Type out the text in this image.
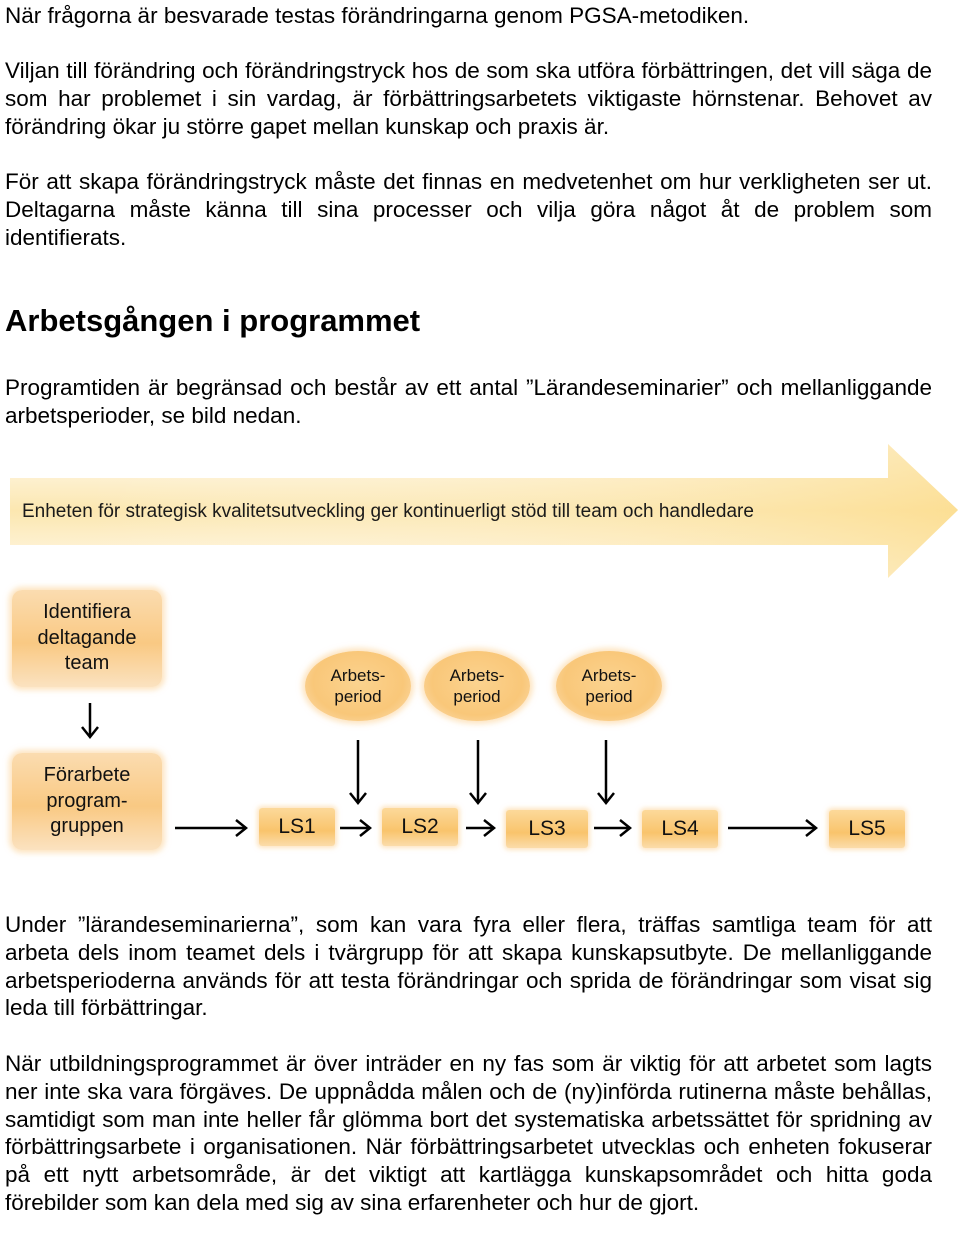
När frågorna är besvarade testas förändringarna genom PGSA-metodiken.

Viljan till förändring och förändringstryck hos de som ska utföra förbättringen, det vill säga de som har problemet i sin vardag, är förbättringsarbetets viktigaste hörnstenar. Behovet av förändring ökar ju större gapet mellan kunskap och praxis är.

För att skapa förändringstryck måste det finnas en medvetenhet om hur verkligheten ser ut. Deltagarna måste känna till sina processer och vilja göra något åt de problem som identifierats.

Arbetsgången i programmet

Programtiden är begränsad och består av ett antal ”Lärandeseminarier” och mellanliggande arbetsperioder, se bild nedan.

Enheten för strategisk kvalitetsutveckling ger kontinuerligt stöd till team och handledare
Identifiera deltagande team
Förarbete program-gruppen
Arbets-period
Arbets-period
Arbets-period
LS1	LS2	LS3	LS4	LS5

Under ”lärandeseminarierna”, som kan vara fyra eller flera, träffas samtliga team för att arbeta dels inom teamet dels i tvärgrupp för att skapa kunskapsutbyte. De mellanliggande arbetsperioderna används för att testa förändringar och sprida de förändringar som visat sig leda till förbättringar.

När utbildningsprogrammet är över inträder en ny fas som är viktig för att arbetet som lagts ner inte ska vara förgäves. De uppnådda målen och de (ny)införda rutinerna måste behållas, samtidigt som man inte heller får glömma bort det systematiska arbetssättet för spridning av förbättringsarbete i organisationen. När förbättringsarbetet utvecklas och enheten fokuserar på ett nytt arbetsområde, är det viktigt att kartlägga kunskapsområdet och hitta goda förebilder som kan dela med sig av sina erfarenheter och hur de gjort.
